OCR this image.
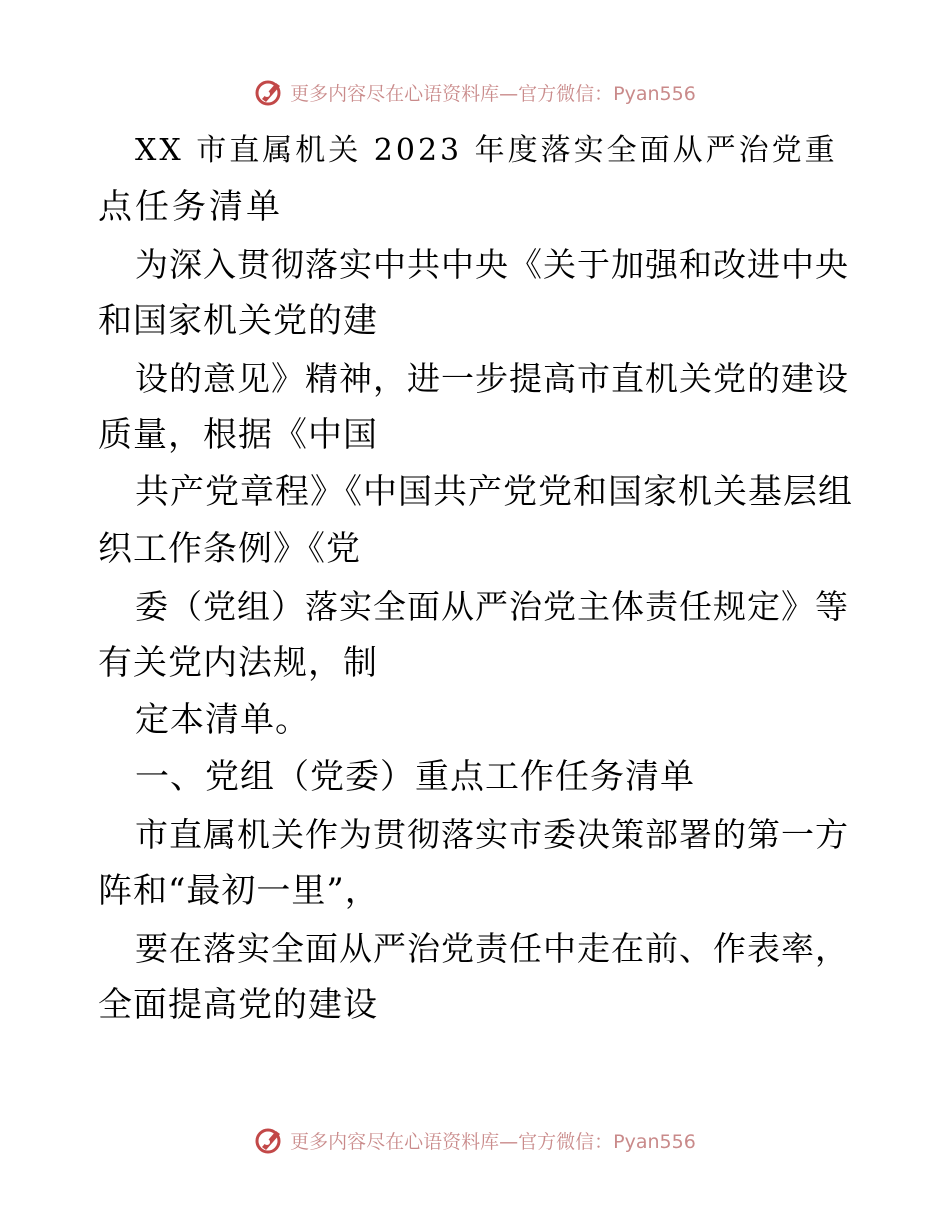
更多内容尽在心语资料库—官方微信：Pyan556
XX 市直属机关 2023 年度落实全面从严治党重
点任务清单
为深入贯彻落实中共中央《关于加强和改进中央
和国家机关党的建
设的意见》精神，进一步提高市直机关党的建设
质量，根据《中国
共产党章程》《中国共产党党和国家机关基层组
织工作条例》《党
委（党组）落实全面从严治党主体责任规定》等
有关党内法规，制
定本清单。
一、党组（党委）重点工作任务清单
市直属机关作为贯彻落实市委决策部署的第一方
阵和“最初一里”，
要在落实全面从严治党责任中走在前、作表率，
全面提高党的建设
更多内容尽在心语资料库—官方微信：Pyan556
